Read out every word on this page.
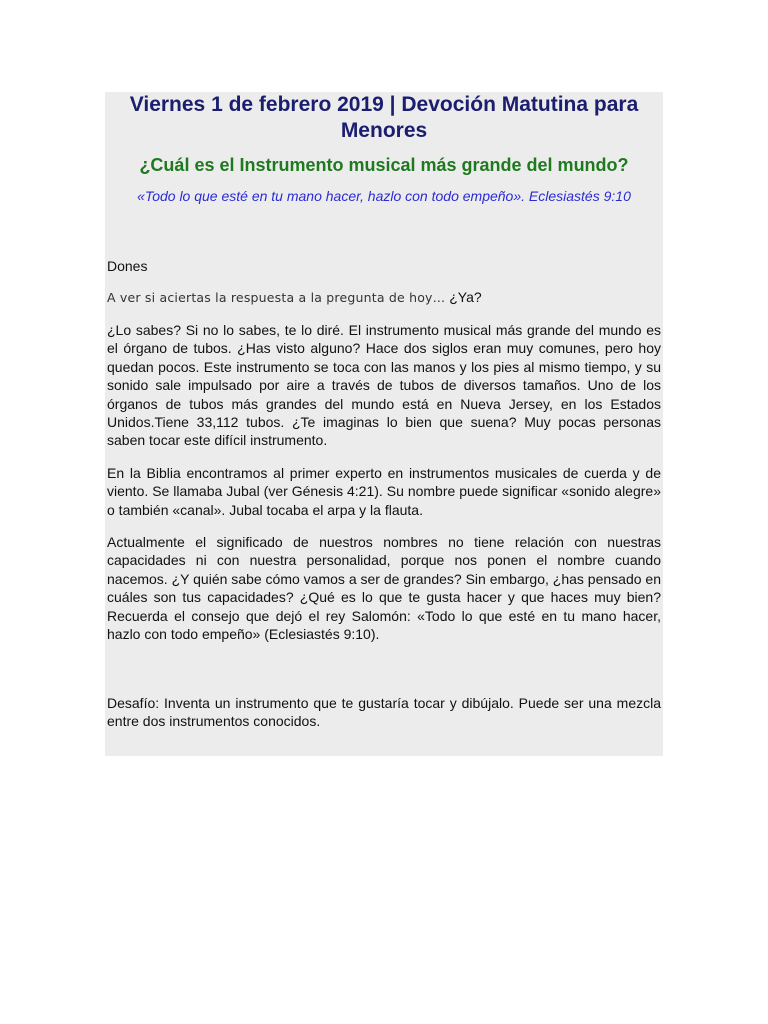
Viernes 1 de febrero 2019 | Devoción Matutina para Menores
¿Cuál es el Instrumento musical más grande del mundo?

«Todo lo que esté en tu mano hacer, hazlo con todo empeño». Eclesiastés 9:10

Dones

A ver si aciertas la respuesta a la pregunta de hoy… ¿Ya?

¿Lo sabes? Si no lo sabes, te lo diré. El instrumento musical más grande del mundo es el órgano de tubos. ¿Has visto alguno? Hace dos siglos eran muy comunes, pero hoy quedan pocos. Este instrumento se toca con las manos y los pies al mismo tiempo, y su sonido sale impulsado por aire a través de tubos de diversos tamaños. Uno de los órganos de tubos más grandes del mundo está en Nueva Jersey, en los Estados Unidos.Tiene 33,112 tubos. ¿Te imaginas lo bien que suena? Muy pocas personas saben tocar este difícil instrumento.

En la Biblia encontramos al primer experto en instrumentos musicales de cuerda y de viento. Se llamaba Jubal (ver Génesis 4:21). Su nombre puede significar «sonido alegre» o también «canal». Jubal tocaba el arpa y la flauta.

Actualmente el significado de nuestros nombres no tiene relación con nuestras capacidades ni con nuestra personalidad, porque nos ponen el nombre cuando nacemos. ¿Y quién sabe cómo vamos a ser de grandes? Sin embargo, ¿has pensado en cuáles son tus capacidades? ¿Qué es lo que te gusta hacer y que haces muy bien? Recuerda el consejo que dejó el rey Salomón: «Todo lo que esté en tu mano hacer, hazlo con todo empeño» (Eclesiastés 9:10).

Desafío: Inventa un instrumento que te gustaría tocar y dibújalo. Puede ser una mezcla entre dos instrumentos conocidos.
